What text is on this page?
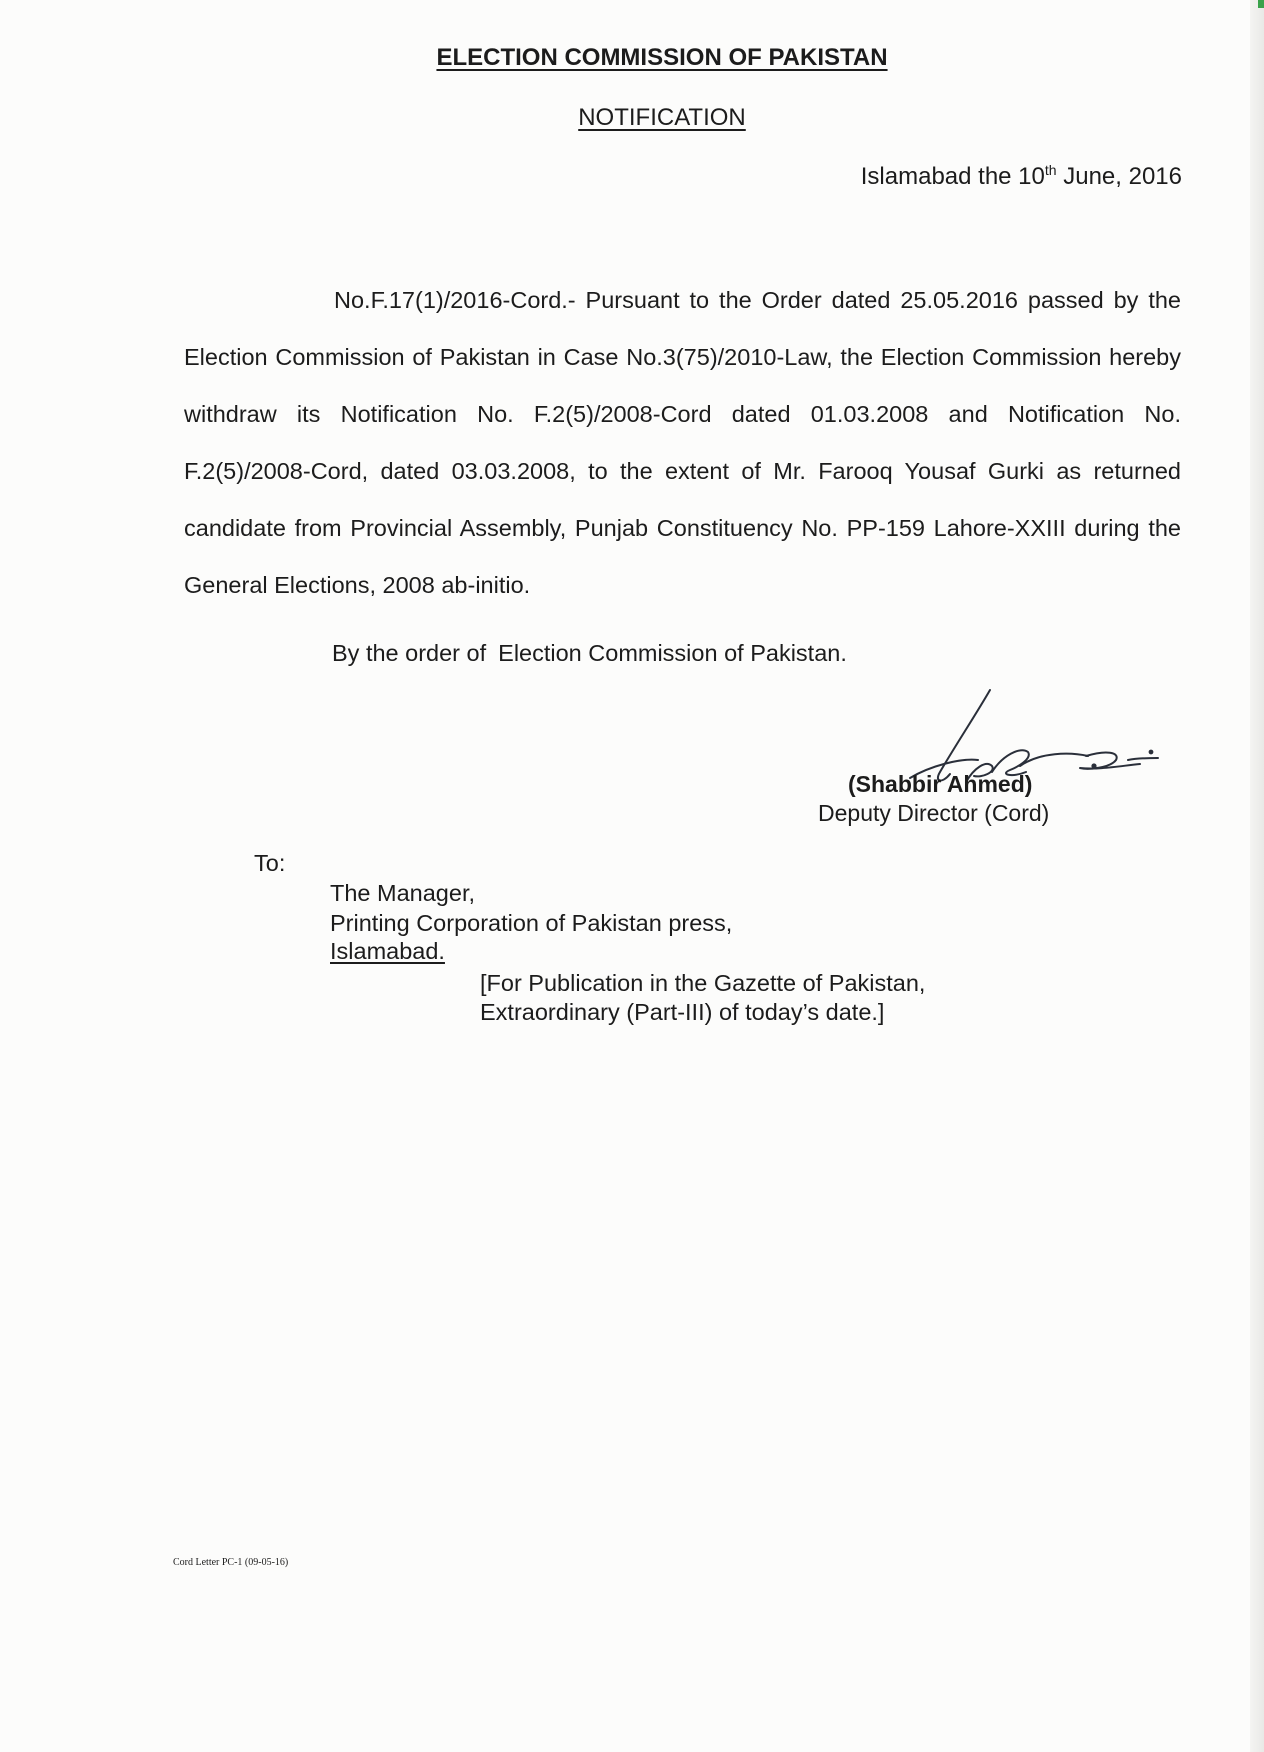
ELECTION COMMISSION OF PAKISTAN
NOTIFICATION
Islamabad the 10th June, 2016
No.F.17(1)/2016-Cord.- Pursuant to the Order dated 25.05.2016 passed by the Election Commission of Pakistan in Case No.3(75)/2010-Law, the Election Commission hereby withdraw its Notification No. F.2(5)/2008-Cord dated 01.03.2008 and Notification No. F.2(5)/2008-Cord, dated 03.03.2008, to the extent of Mr. Farooq Yousaf Gurki as returned candidate from Provincial Assembly, Punjab Constituency No. PP-159 Lahore-XXIII during the General Elections, 2008 ab-initio.
By the order of Election Commission of Pakistan.
(Shabbir Ahmed)
Deputy Director (Cord)
To:
The Manager,
Printing Corporation of Pakistan press,
Islamabad.
[For Publication in the Gazette of Pakistan,
Extraordinary (Part-III) of today’s date.]
Cord Letter PC-1 (09-05-16)
